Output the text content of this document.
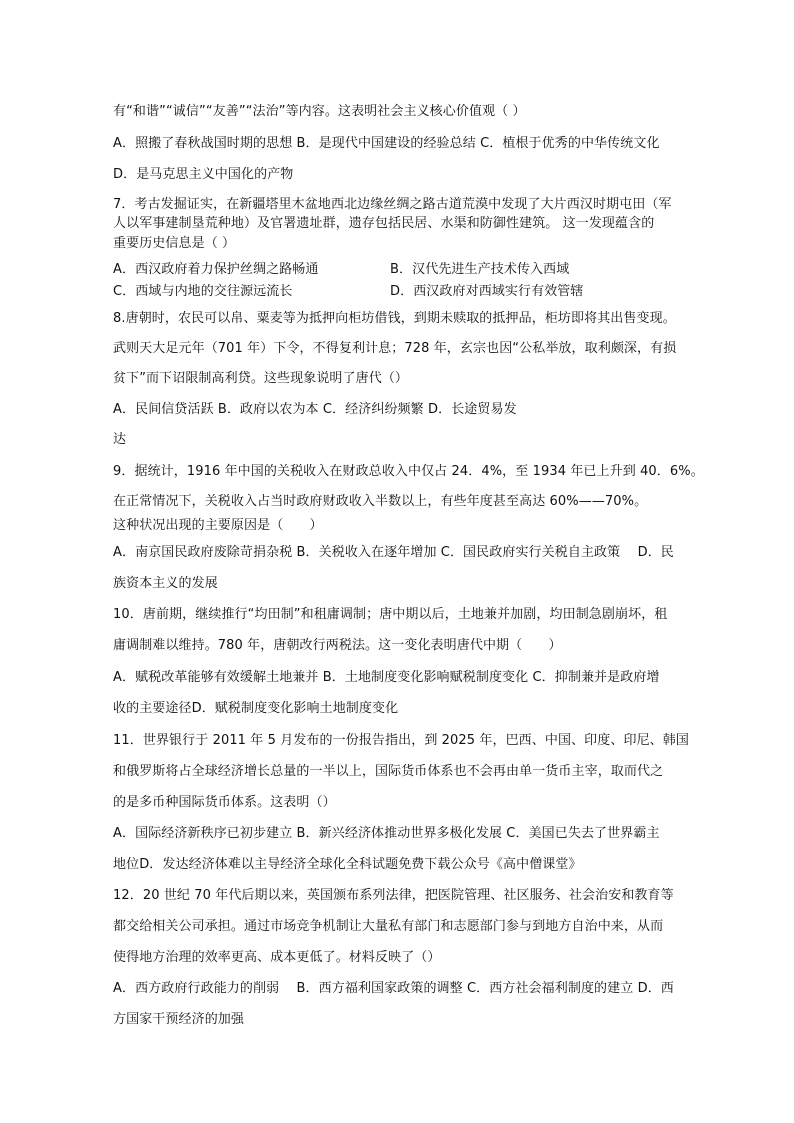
有“和谐”“诚信”“友善”“法治”等内容。这表明社会主义核心价值观（ ）
A．照搬了春秋战国时期的思想 B．是现代中国建设的经验总结 C．植根于优秀的中华传统文化
D．是马克思主义中国化的产物
7．考古发掘证实，在新疆塔里木盆地西北边缘丝绸之路古道荒漠中发现了大片西汉时期屯田（军
人以军事建制垦荒种地）及官署遗址群，遗存包括民居、水渠和防御性建筑。 这一发现蕴含的
重要历史信息是（ ）
A．西汉政府着力保护丝绸之路畅通	B．汉代先进生产技术传入西域
C．西域与内地的交往源远流长	D．西汉政府对西域实行有效管辖
8.唐朝时，农民可以帛、粟麦等为抵押向柜坊借钱，到期未赎取的抵押品，柜坊即将其出售变现。
武则天大足元年（701 年）下令，不得复利计息；728 年，玄宗也因“公私举放，取利颇深，有损
贫下”而下诏限制高利贷。这些现象说明了唐代（）
A．民间信贷活跃 B．政府以农为本 C．经济纠纷频繁 D．长途贸易发
达
9．据统计，1916 年中国的关税收入在财政总收入中仅占 24．4%，至 1934 年已上升到 40．6%。
在正常情况下，关税收入占当时政府财政收入半数以上，有些年度甚至高达 60%——70%。
这种状况出现的主要原因是（　　）
A．南京国民政府废除苛捐杂税 B．关税收入在逐年增加 C．国民政府实行关税自主政策　 D．民
族资本主义的发展
10．唐前期，继续推行“均田制”和租庸调制；唐中期以后，土地兼并加剧，均田制急剧崩坏，租
庸调制难以维持。780 年，唐朝改行两税法。这一变化表明唐代中期（　　）
A．赋税改革能够有效缓解土地兼并 B．土地制度变化影响赋税制度变化 C．抑制兼并是政府增
收的主要途径D．赋税制度变化影响土地制度变化
11．世界银行于 2011 年 5 月发布的一份报告指出，到 2025 年，巴西、中国、印度、印尼、韩国
和俄罗斯将占全球经济增长总量的一半以上，国际货币体系也不会再由单一货币主宰，取而代之
的是多币种国际货币体系。这表明（）
A．国际经济新秩序已初步建立 B．新兴经济体推动世界多极化发展 C．美国已失去了世界霸主
地位D．发达经济体难以主导经济全球化全科试题免费下载公众号《高中僧课堂》
12．20 世纪 70 年代后期以来，英国颁布系列法律，把医院管理、社区服务、社会治安和教育等
都交给相关公司承担。通过市场竞争机制让大量私有部门和志愿部门参与到地方自治中来，从而
使得地方治理的效率更高、成本更低了。材料反映了（）
A．西方政府行政能力的削弱　 B．西方福利国家政策的调整 C．西方社会福利制度的建立 D．西
方国家干预经济的加强
